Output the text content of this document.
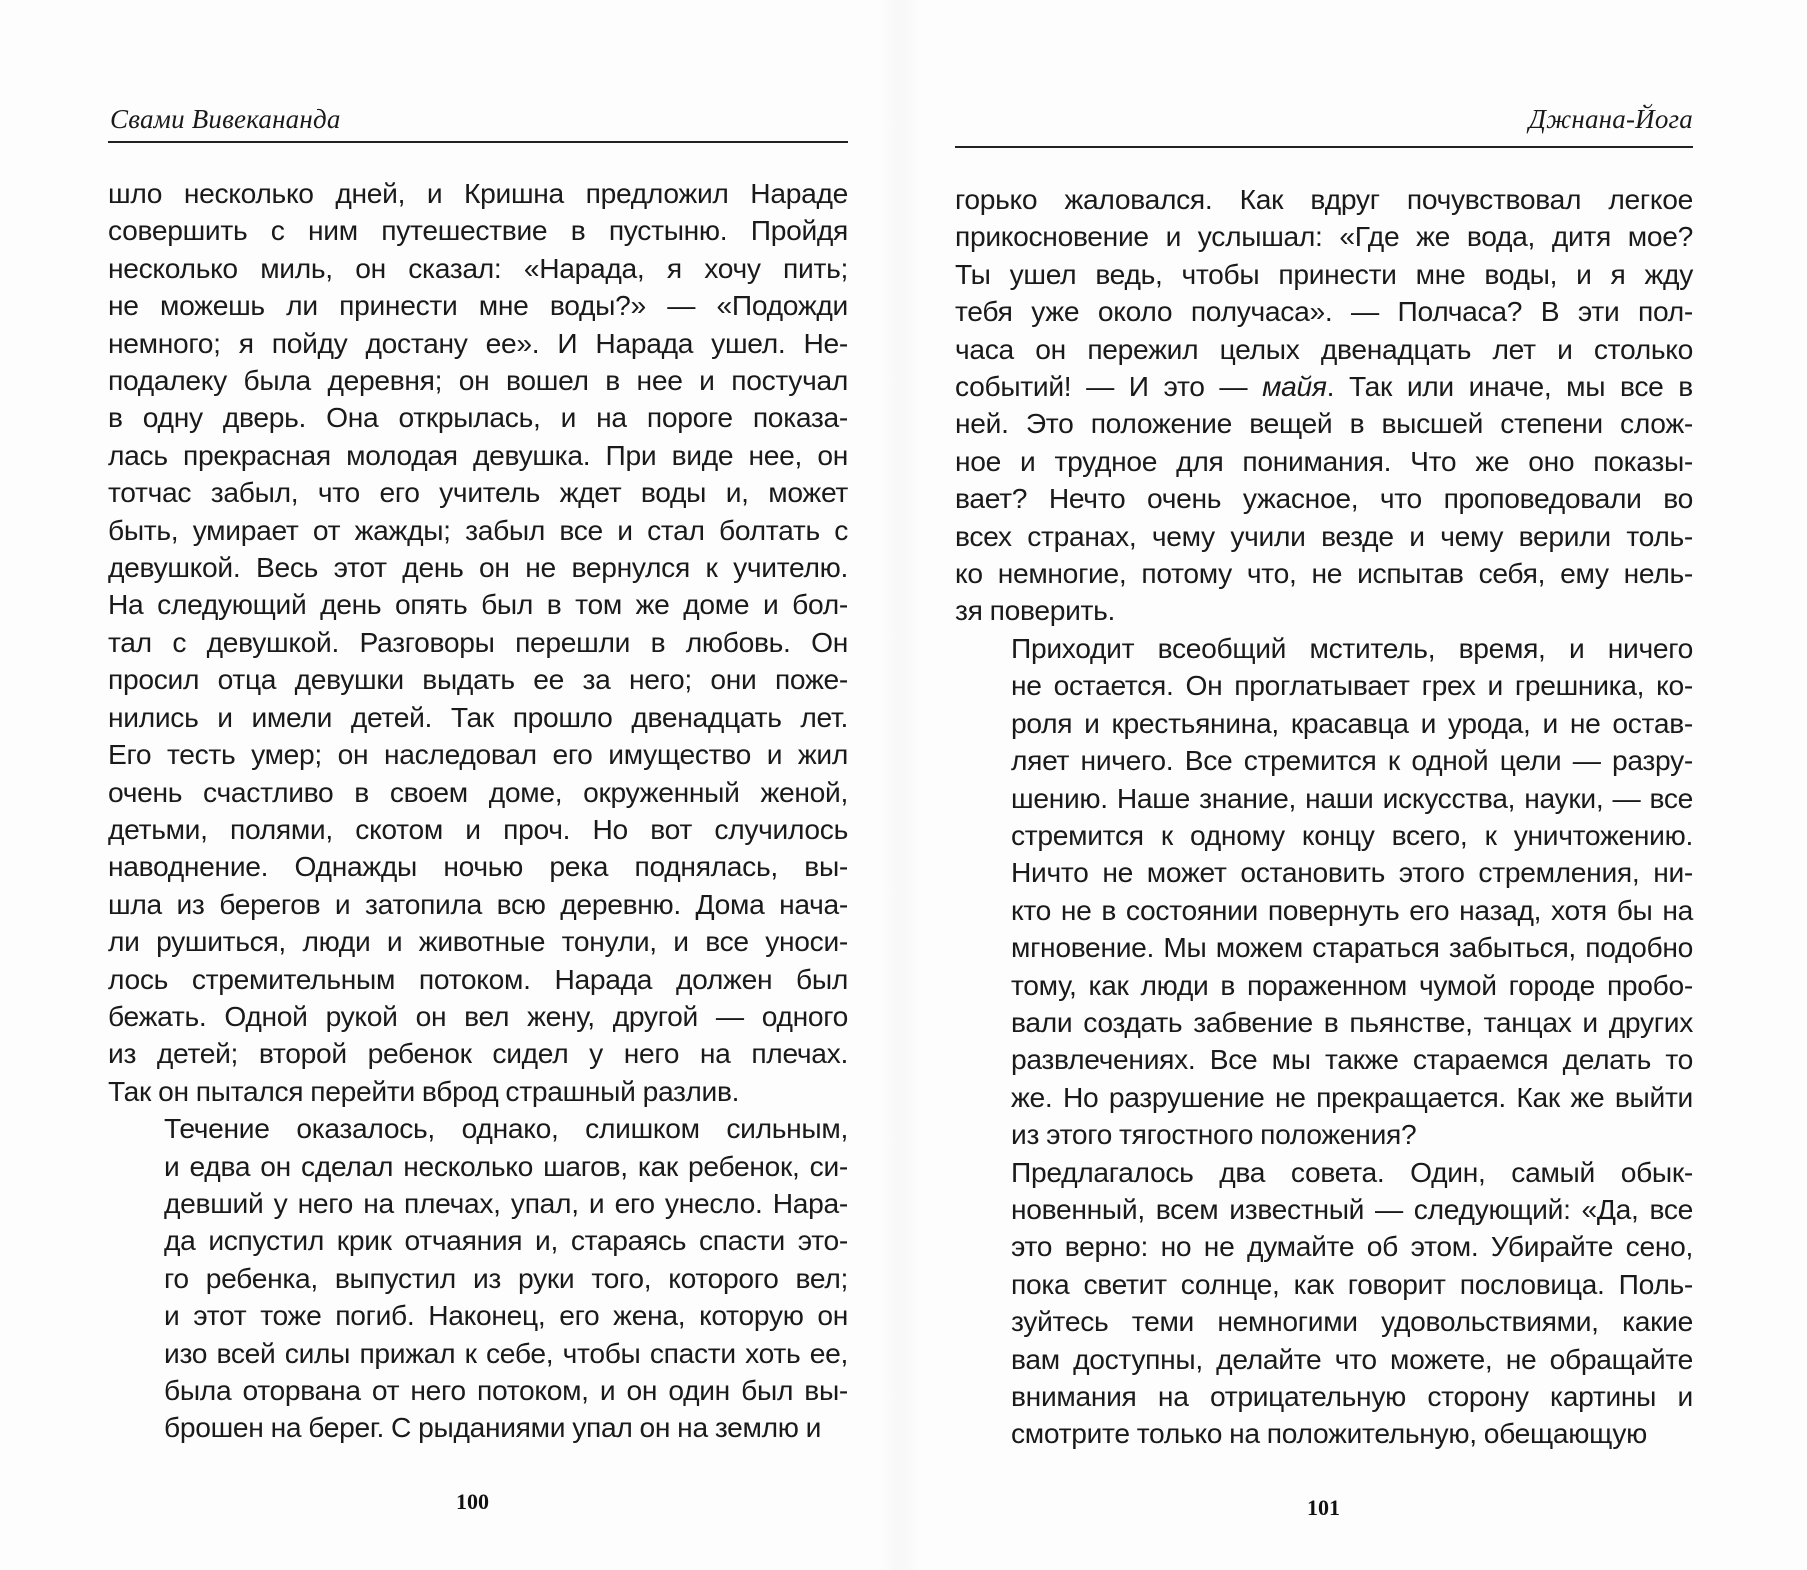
Свами Вивекананда

шло несколько дней, и Кришна предложил Нараде
совершить с ним путешествие в пустыню. Пройдя
несколько миль, он сказал: «Нарада, я хочу пить;
не можешь ли принести мне воды?» — «Подожди
немного; я пойду достану ее». И Нарада ушел. Не-
подалеку была деревня; он вошел в нее и постучал
в одну дверь. Она открылась, и на пороге показа-
лась прекрасная молодая девушка. При виде нее, он
тотчас забыл, что его учитель ждет воды и, может
быть, умирает от жажды; забыл все и стал болтать с
девушкой. Весь этот день он не вернулся к учителю.
На следующий день опять был в том же доме и бол-
тал с девушкой. Разговоры перешли в любовь. Он
просил отца девушки выдать ее за него; они поже-
нились и имели детей. Так прошло двенадцать лет.
Его тесть умер; он наследовал его имущество и жил
очень счастливо в своем доме, окруженный женой,
детьми, полями, скотом и проч. Но вот случилось
наводнение. Однажды ночью река поднялась, вы-
шла из берегов и затопила всю деревню. Дома нача-
ли рушиться, люди и животные тонули, и все уноси-
лось стремительным потоком. Нарада должен был
бежать. Одной рукой он вел жену, другой — одного
из детей; второй ребенок сидел у него на плечах.
Так он пытался перейти вброд страшный разлив.

Течение оказалось, однако, слишком сильным,
и едва он сделал несколько шагов, как ребенок, си-
девший у него на плечах, упал, и его унесло. Нара-
да испустил крик отчаяния и, стараясь спасти это-
го ребенка, выпустил из руки того, которого вел;
и этот тоже погиб. Наконец, его жена, которую он
изо всей силы прижал к себе, чтобы спасти хоть ее,
была оторвана от него потоком, и он один был вы-
брошен на берег. С рыданиями упал он на землю и

100
Джнана-Йога

горько жаловался. Как вдруг почувствовал легкое
прикосновение и услышал: «Где же вода, дитя мое?
Ты ушел ведь, чтобы принести мне воды, и я жду
тебя уже около получаса». — Полчаса? В эти пол-
часа он пережил целых двенадцать лет и столько
событий! — И это — майя. Так или иначе, мы все в
ней. Это положение вещей в высшей степени слож-
ное и трудное для понимания. Что же оно показы-
вает? Нечто очень ужасное, что проповедовали во
всех странах, чему учили везде и чему верили толь-
ко немногие, потому что, не испытав себя, ему нель-
зя поверить.

Приходит всеобщий мститель, время, и ничего
не остается. Он проглатывает грех и грешника, ко-
роля и крестьянина, красавца и урода, и не остав-
ляет ничего. Все стремится к одной цели — разру-
шению. Наше знание, наши искусства, науки, — все
стремится к одному концу всего, к уничтожению.
Ничто не может остановить этого стремления, ни-
кто не в состоянии повернуть его назад, хотя бы на
мгновение. Мы можем стараться забыться, подобно
тому, как люди в пораженном чумой городе пробо-
вали создать забвение в пьянстве, танцах и других
развлечениях. Все мы также стараемся делать то
же. Но разрушение не прекращается. Как же выйти
из этого тягостного положения?

Предлагалось два совета. Один, самый обык-
новенный, всем известный — следующий: «Да, все
это верно: но не думайте об этом. Убирайте сено,
пока светит солнце, как говорит пословица. Поль-
зуйтесь теми немногими удовольствиями, какие
вам доступны, делайте что можете, не обращайте
внимания на отрицательную сторону картины и
смотрите только на положительную, обещающую

101
